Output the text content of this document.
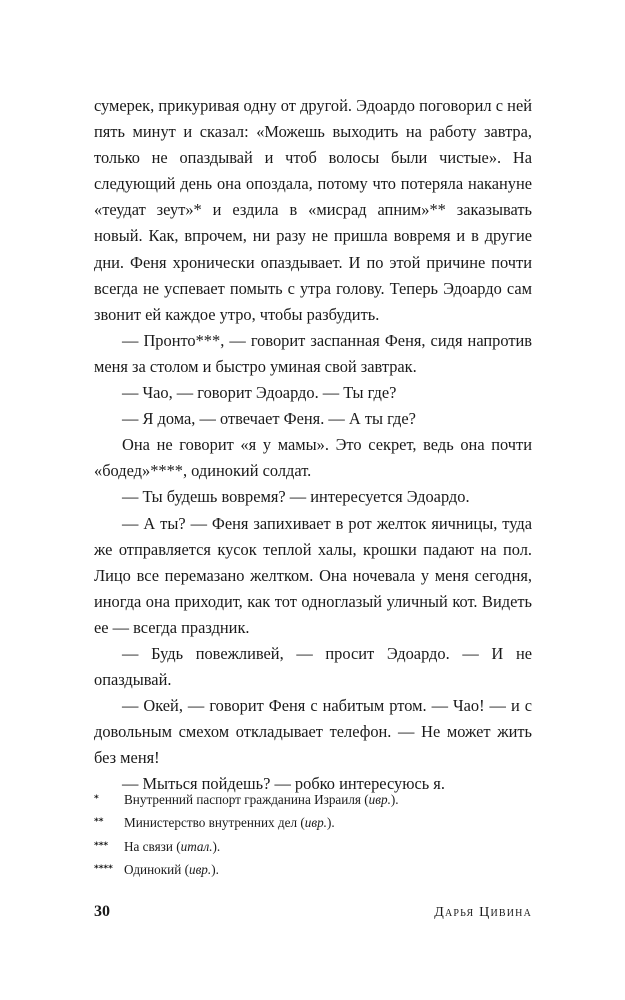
сумерек, прикуривая одну от другой. Эдоардо поговорил с ней пять минут и сказал: «Можешь выходить на работу завтра, только не опаздывай и чтоб волосы были чистые». На следующий день она опоздала, потому что потеряла накануне «теудат зеут»* и ездила в «мисрад апним»** заказывать новый. Как, впрочем, ни разу не пришла вовремя и в другие дни. Феня хронически опаздывает. И по этой причине почти всегда не успевает помыть с утра голову. Теперь Эдоардо сам звонит ей каждое утро, чтобы разбудить.

— Пронто***, — говорит заспанная Феня, сидя напротив меня за столом и быстро уминая свой завтрак.

— Чао, — говорит Эдоардо. — Ты где?

— Я дома, — отвечает Феня. — А ты где?

Она не говорит «я у мамы». Это секрет, ведь она почти «бодед»****, одинокий солдат.

— Ты будешь вовремя? — интересуется Эдоардо.

— А ты? — Феня запихивает в рот желток яичницы, туда же отправляется кусок теплой халы, крошки падают на пол. Лицо все перемазано желтком. Она ночевала у меня сегодня, иногда она приходит, как тот одноглазый уличный кот. Видеть ее — всегда праздник.

— Будь повежливей, — просит Эдоардо. — И не опаздывай.

— Окей, — говорит Феня с набитым ртом. — Чао! — и с довольным смехом откладывает телефон. — Не может жить без меня!

— Мыться пойдешь? — робко интересуюсь я.

*	Внутренний паспорт гражданина Израиля (ивр.).
**	Министерство внутренних дел (ивр.).
***	На связи (итал.).
**** Одинокий (ивр.).
30	Дарья Цивина
